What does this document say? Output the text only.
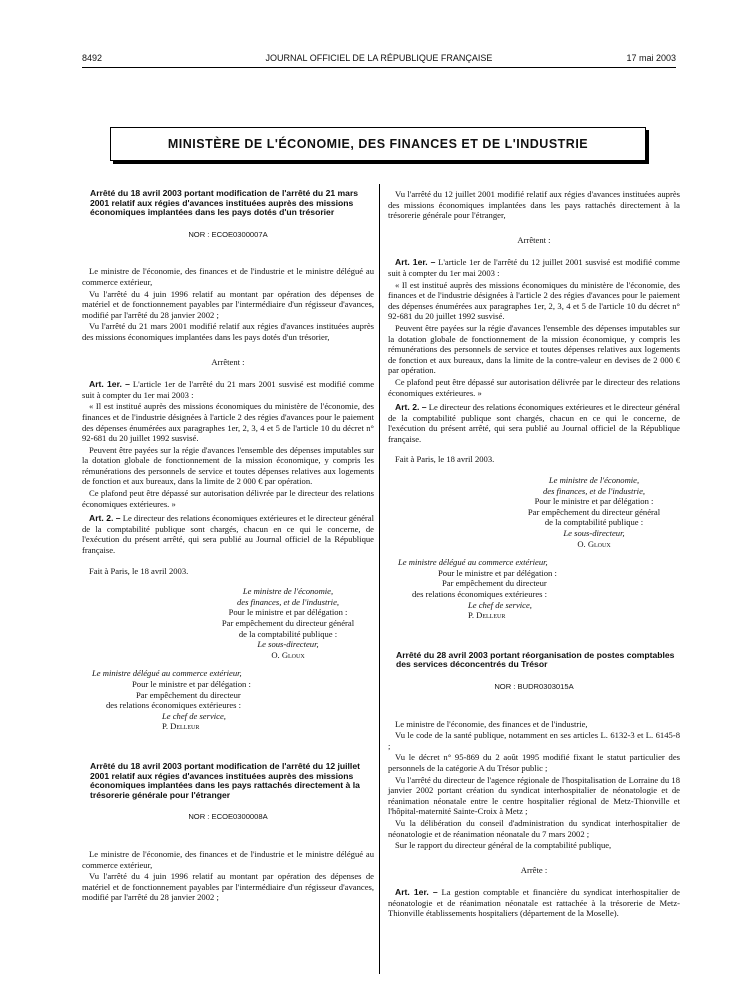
8492	JOURNAL OFFICIEL DE LA RÉPUBLIQUE FRANÇAISE	17 mai 2003
MINISTÈRE DE L'ÉCONOMIE, DES FINANCES ET DE L'INDUSTRIE
Arrêté du 18 avril 2003 portant modification de l'arrêté du 21 mars 2001 relatif aux régies d'avances instituées auprès des missions économiques implantées dans les pays dotés d'un trésorier
NOR : ECOE0300007A

Le ministre de l'économie, des finances et de l'industrie et le ministre délégué au commerce extérieur,

Vu l'arrêté du 4 juin 1996 relatif au montant par opération des dépenses de matériel et de fonctionnement payables par l'intermédiaire d'un régisseur d'avances, modifié par l'arrêté du 28 janvier 2002 ;

Vu l'arrêté du 21 mars 2001 modifié relatif aux régies d'avances instituées auprès des missions économiques implantées dans les pays dotés d'un trésorier,

Arrêtent :

Art. 1er. – L'article 1er de l'arrêté du 21 mars 2001 susvisé est modifié comme suit à compter du 1er mai 2003 :

« Il est institué auprès des missions économiques du ministère de l'économie, des finances et de l'industrie désignées à l'article 2 des régies d'avances pour le paiement des dépenses énumérées aux paragraphes 1er, 2, 3, 4 et 5 de l'article 10 du décret n° 92-681 du 20 juillet 1992 susvisé.

Peuvent être payées sur la régie d'avances l'ensemble des dépenses imputables sur la dotation globale de fonctionnement de la mission économique, y compris les rémunérations des personnels de service et toutes dépenses relatives aux logements de fonction et aux bureaux, dans la limite de 2 000 € par opération.

Ce plafond peut être dépassé sur autorisation délivrée par le directeur des relations économiques extérieures. »

Art. 2. – Le directeur des relations économiques extérieures et le directeur général de la comptabilité publique sont chargés, chacun en ce qui le concerne, de l'exécution du présent arrêté, qui sera publié au Journal officiel de la République française.

Fait à Paris, le 18 avril 2003.

Le ministre de l'économie,
des finances, et de l'industrie,
Pour le ministre et par délégation :
Par empêchement du directeur général
de la comptabilité publique :
Le sous-directeur,
O. Gloux
Le ministre délégué au commerce extérieur,
Pour le ministre et par délégation :
Par empêchement du directeur
des relations économiques extérieures :
Le chef de service,
P. Delleur
Arrêté du 18 avril 2003 portant modification de l'arrêté du 12 juillet 2001 relatif aux régies d'avances instituées auprès des missions économiques implantées dans les pays rattachés directement à la trésorerie générale pour l'étranger
NOR : ECOE0300008A

Le ministre de l'économie, des finances et de l'industrie et le ministre délégué au commerce extérieur,

Vu l'arrêté du 4 juin 1996 relatif au montant par opération des dépenses de matériel et de fonctionnement payables par l'intermédiaire d'un régisseur d'avances, modifié par l'arrêté du 28 janvier 2002 ;

Vu l'arrêté du 12 juillet 2001 modifié relatif aux régies d'avances instituées auprès des missions économiques implantées dans les pays rattachés directement à la trésorerie générale pour l'étranger,

Arrêtent :

Art. 1er. – L'article 1er de l'arrêté du 12 juillet 2001 susvisé est modifié comme suit à compter du 1er mai 2003 :

« Il est institué auprès des missions économiques du ministère de l'économie, des finances et de l'industrie désignées à l'article 2 des régies d'avances pour le paiement des dépenses énumérées aux paragraphes 1er, 2, 3, 4 et 5 de l'article 10 du décret n° 92-681 du 20 juillet 1992 susvisé.

Peuvent être payées sur la régie d'avances l'ensemble des dépenses imputables sur la dotation globale de fonctionnement de la mission économique, y compris les rémunérations des personnels de service et toutes dépenses relatives aux logements de fonction et aux bureaux, dans la limite de la contre-valeur en devises de 2 000 € par opération.

Ce plafond peut être dépassé sur autorisation délivrée par le directeur des relations économiques extérieures. »

Art. 2. – Le directeur des relations économiques extérieures et le directeur général de la comptabilité publique sont chargés, chacun en ce qui le concerne, de l'exécution du présent arrêté, qui sera publié au Journal officiel de la République française.

Fait à Paris, le 18 avril 2003.

Le ministre de l'économie,
des finances, et de l'industrie,
Pour le ministre et par délégation :
Par empêchement du directeur général
de la comptabilité publique :
Le sous-directeur,
O. Gloux
Le ministre délégué au commerce extérieur,
Pour le ministre et par délégation :
Par empêchement du directeur
des relations économiques extérieures :
Le chef de service,
P. Delleur
Arrêté du 28 avril 2003 portant réorganisation de postes comptables des services déconcentrés du Trésor
NOR : BUDR0303015A

Le ministre de l'économie, des finances et de l'industrie,

Vu le code de la santé publique, notamment en ses articles L. 6132-3 et L. 6145-8 ;

Vu le décret n° 95-869 du 2 août 1995 modifié fixant le statut particulier des personnels de la catégorie A du Trésor public ;

Vu l'arrêté du directeur de l'agence régionale de l'hospitalisation de Lorraine du 18 janvier 2002 portant création du syndicat interhospitalier de néonatologie et de réanimation néonatale entre le centre hospitalier régional de Metz-Thionville et l'hôpital-maternité Sainte-Croix à Metz ;

Vu la délibération du conseil d'administration du syndicat interhospitalier de néonatologie et de réanimation néonatale du 7 mars 2002 ;

Sur le rapport du directeur général de la comptabilité publique,

Arrête :

Art. 1er. – La gestion comptable et financière du syndicat interhospitalier de néonatologie et de réanimation néonatale est rattachée à la trésorerie de Metz-Thionville établissements hospitaliers (département de la Moselle).
